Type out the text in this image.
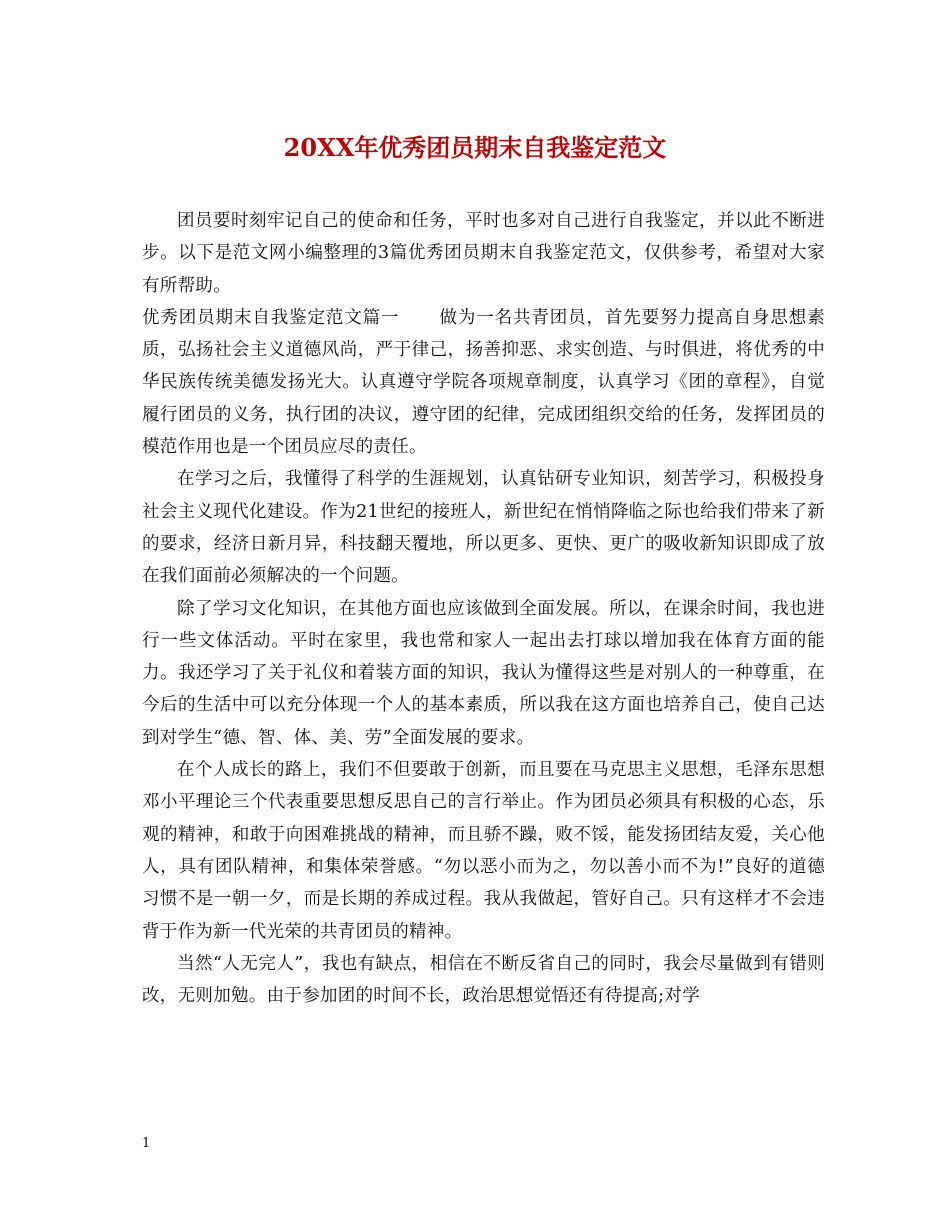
20XX年优秀团员期末自我鉴定范文

团员要时刻牢记自己的使命和任务，平时也多对自己进行自我鉴定，并以此不断进步。以下是范文网小编整理的3篇优秀团员期末自我鉴定范文，仅供参考，希望对大家有所帮助。

优秀团员期末自我鉴定范文篇一 做为一名共青团员，首先要努力提高自身思想素质，弘扬社会主义道德风尚，严于律己，扬善抑恶、求实创造、与时俱进，将优秀的中华民族传统美德发扬光大。认真遵守学院各项规章制度，认真学习《团的章程》，自觉履行团员的义务，执行团的决议，遵守团的纪律，完成团组织交给的任务，发挥团员的模范作用也是一个团员应尽的责任。

在学习之后，我懂得了科学的生涯规划，认真钻研专业知识，刻苦学习，积极投身社会主义现代化建设。作为21世纪的接班人，新世纪在悄悄降临之际也给我们带来了新的要求，经济日新月异，科技翻天覆地，所以更多、更快、更广的吸收新知识即成了放在我们面前必须解决的一个问题。

除了学习文化知识，在其他方面也应该做到全面发展。所以，在课余时间，我也进行一些文体活动。平时在家里，我也常和家人一起出去打球以增加我在体育方面的能力。我还学习了关于礼仪和着装方面的知识，我认为懂得这些是对别人的一种尊重，在今后的生活中可以充分体现一个人的基本素质，所以我在这方面也培养自己，使自己达到对学生“德、智、体、美、劳”全面发展的要求。

在个人成长的路上，我们不但要敢于创新，而且要在马克思主义思想，毛泽东思想邓小平理论三个代表重要思想反思自己的言行举止。作为团员必须具有积极的心态，乐观的精神，和敢于向困难挑战的精神，而且骄不躁，败不馁，能发扬团结友爱，关心他人，具有团队精神，和集体荣誉感。“勿以恶小而为之，勿以善小而不为!”良好的道德习惯不是一朝一夕，而是长期的养成过程。我从我做起，管好自己。只有这样才不会违背于作为新一代光荣的共青团员的精神。

当然“人无完人”，我也有缺点，相信在不断反省自己的同时，我会尽量做到有错则改，无则加勉。由于参加团的时间不长，政治思想觉悟还有待提高;对学

1
